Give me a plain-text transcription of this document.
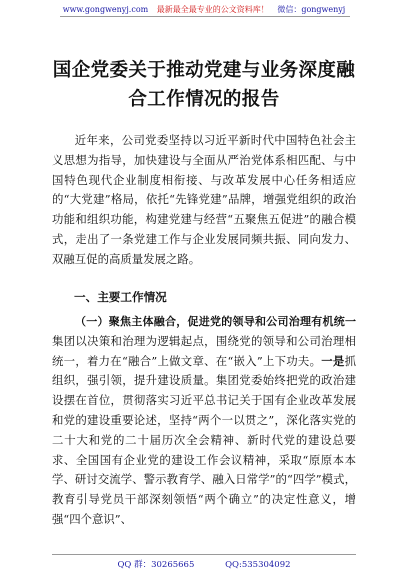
www.gongwenyj.com 最新最全最专业的公文资料库！ 微信：gongwenyj
国企党委关于推动党建与业务深度融合工作情况的报告
近年来，公司党委坚持以习近平新时代中国特色社会主义思想为指导，加快建设与全面从严治党体系相匹配、与中国特色现代企业制度相衔接、与改革发展中心任务相适应的“大党建”格局，依托“先锋党建”品牌，增强党组织的政治功能和组织功能，构建党建与经营“五聚焦五促进”的融合模式，走出了一条党建工作与企业发展同频共振、同向发力、双融互促的高质量发展之路。
一、主要工作情况
（一）聚焦主体融合，促进党的领导和公司治理有机统一集团以决策和治理为逻辑起点，围绕党的领导和公司治理相统一，着力在“融合”上做文章、在“嵌入”上下功夫。一是抓组织，强引领，提升建设质量。集团党委始终把党的政治建设摆在首位，贯彻落实习近平总书记关于国有企业改革发展和党的建设重要论述，坚持“两个一以贯之”，深化落实党的二十大和党的二十届历次全会精神、新时代党的建设总要求、全国国有企业党的建设工作会议精神，采取“原原本本学、研讨交流学、警示教育学、融入日常学”的“四学”模式，教育引导党员干部深刻领悟“两个确立”的决定性意义，增强“四个意识”、
QQ 群：30265665	QQ:535304092
